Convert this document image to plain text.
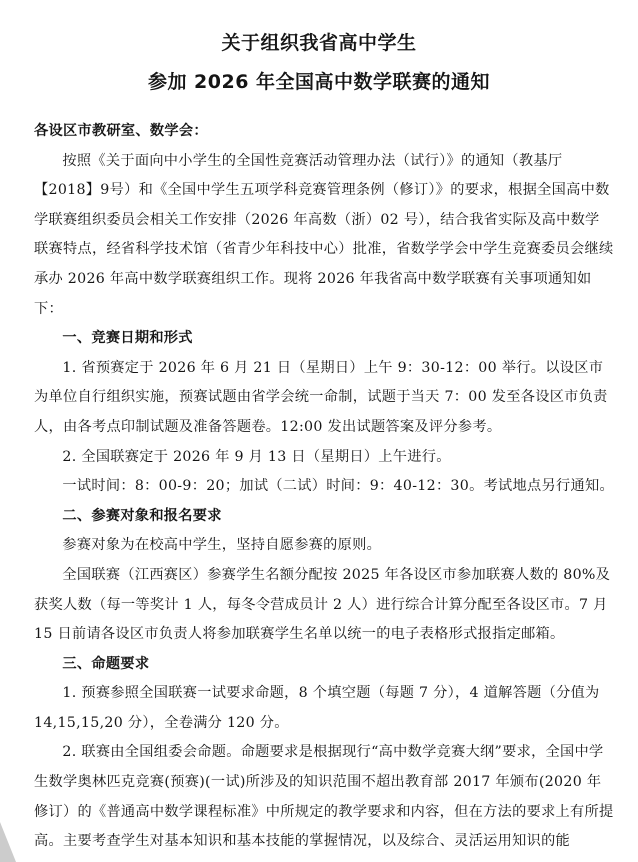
关于组织我省高中学生
参加 2026 年全国高中数学联赛的通知

各设区市教研室、数学会：

按照《关于面向中小学生的全国性竞赛活动管理办法（试行）》的通知（教基厅【2018】9号）和《全国中学生五项学科竞赛管理条例（修订）》的要求，根据全国高中数学联赛组织委员会相关工作安排（2026 年高数（浙）02 号），结合我省实际及高中数学联赛特点，经省科学技术馆（省青少年科技中心）批准，省数学学会中学生竞赛委员会继续承办 2026 年高中数学联赛组织工作。现将 2026 年我省高中数学联赛有关事项通知如下：

一、竞赛日期和形式

1. 省预赛定于 2026 年 6 月 21 日（星期日）上午 9：30-12：00 举行。以设区市为单位自行组织实施，预赛试题由省学会统一命制，试题于当天 7：00 发至各设区市负责人，由各考点印制试题及准备答题卷。12:00 发出试题答案及评分参考。

2. 全国联赛定于 2026 年 9 月 13 日（星期日）上午进行。

一试时间：8：00-9：20；加试（二试）时间：9：40-12：30。考试地点另行通知。

二、参赛对象和报名要求

参赛对象为在校高中学生，坚持自愿参赛的原则。

全国联赛（江西赛区）参赛学生名额分配按 2025 年各设区市参加联赛人数的 80%及获奖人数（每一等奖计 1 人，每冬令营成员计 2 人）进行综合计算分配至各设区市。7 月 15 日前请各设区市负责人将参加联赛学生名单以统一的电子表格形式报指定邮箱。

三、命题要求

1. 预赛参照全国联赛一试要求命题，8 个填空题（每题 7 分），4 道解答题（分值为 14,15,15,20 分），全卷满分 120 分。

2. 联赛由全国组委会命题。命题要求是根据现行“高中数学竞赛大纲”要求，全国中学生数学奥林匹克竞赛(预赛)(一试)所涉及的知识范围不超出教育部 2017 年颁布(2020 年修订）的《普通高中数学课程标准》中所规定的教学要求和内容，但在方法的要求上有所提高。主要考查学生对基本知识和基本技能的掌握情况，以及综合、灵活运用知识的能
